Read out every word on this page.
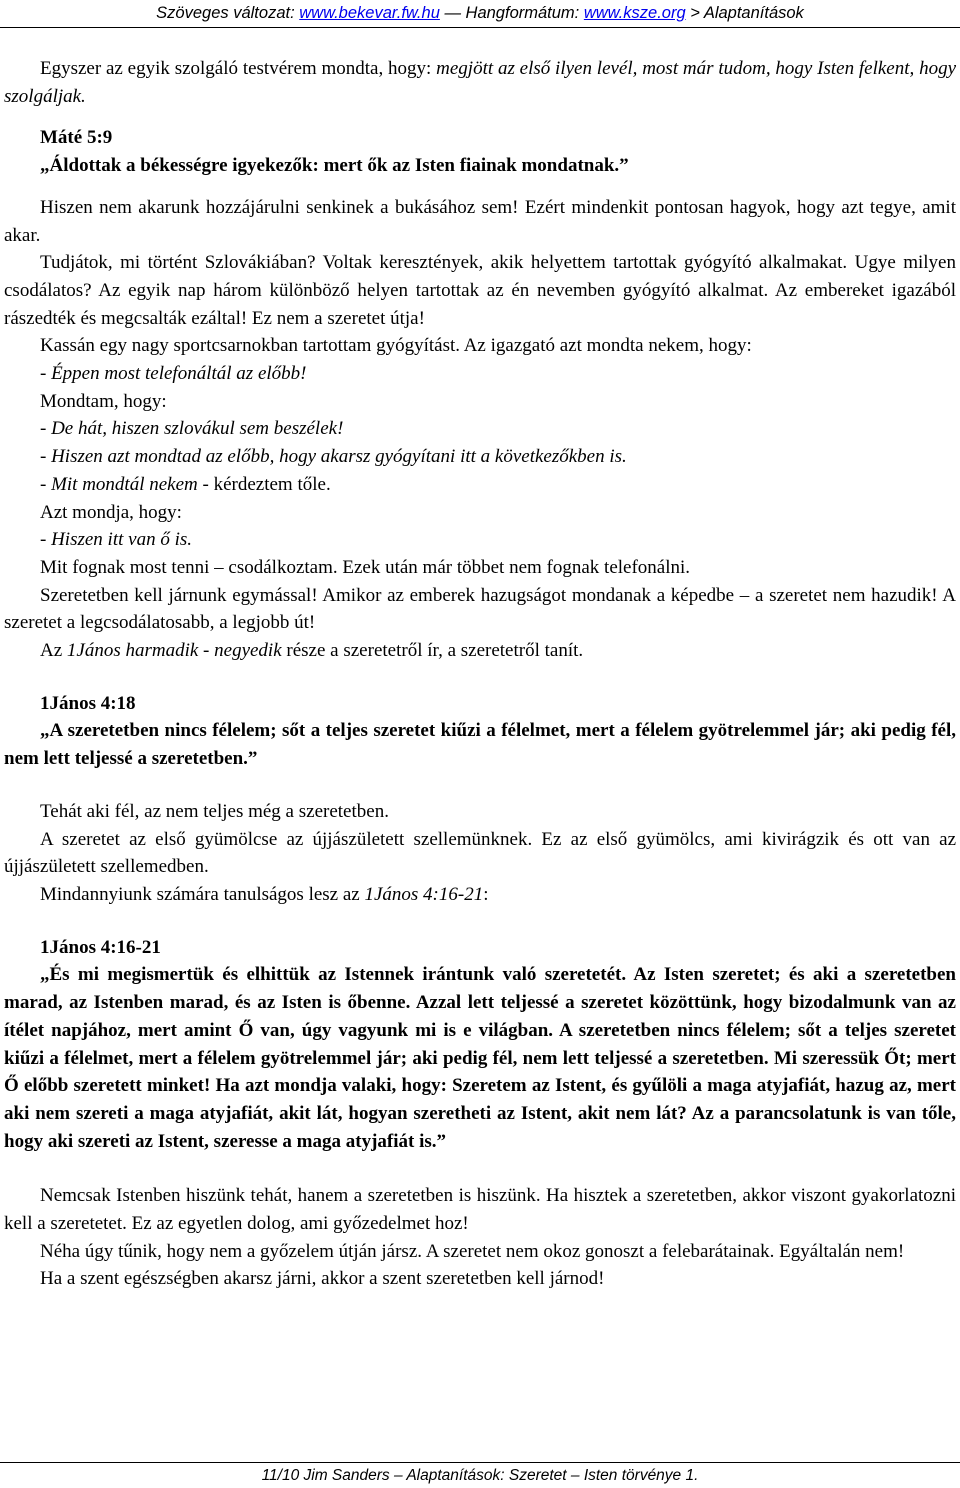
Szöveges változat: www.bekevar.fw.hu — Hangformátum: www.ksze.org > Alaptanítások

Egyszer az egyik szolgáló testvérem mondta, hogy: megjött az első ilyen levél, most már tudom, hogy Isten felkent, hogy szolgáljak.

Máté 5:9

„Áldottak a békességre igyekezők: mert ők az Isten fiainak mondatnak.”

Hiszen nem akarunk hozzájárulni senkinek a bukásához sem! Ezért mindenkit pontosan hagyok, hogy azt tegye, amit akar.

Tudjátok, mi történt Szlovákiában? Voltak keresztények, akik helyettem tartottak gyógyító alkalmakat. Ugye milyen csodálatos? Az egyik nap három különböző helyen tartottak az én nevemben gyógyító alkalmat. Az embereket igazából rászedték és megcsalták ezáltal! Ez nem a szeretet útja!

Kassán egy nagy sportcsarnokban tartottam gyógyítást. Az igazgató azt mondta nekem, hogy:

- Éppen most telefonáltál az előbb!

Mondtam, hogy:

- De hát, hiszen szlovákul sem beszélek!

- Hiszen azt mondtad az előbb, hogy akarsz gyógyítani itt a következőkben is.

- Mit mondtál nekem - kérdeztem tőle.

Azt mondja, hogy:

- Hiszen itt van ő is.

Mit fognak most tenni – csodálkoztam. Ezek után már többet nem fognak telefonálni.

Szeretetben kell járnunk egymással! Amikor az emberek hazugságot mondanak a képedbe – a szeretet nem hazudik! A szeretet a legcsodálatosabb, a legjobb út!

Az 1János harmadik - negyedik része a szeretetről ír, a szeretetről tanít.

1János 4:18

„A szeretetben nincs félelem; sőt a teljes szeretet kiűzi a félelmet, mert a félelem gyötrelemmel jár; aki pedig fél, nem lett teljessé a szeretetben.”

Tehát aki fél, az nem teljes még a szeretetben.

A szeretet az első gyümölcse az újjászületett szellemünknek. Ez az első gyümölcs, ami kivirágzik és ott van az újjászületett szellemedben.

Mindannyiunk számára tanulságos lesz az 1János 4:16-21:

1János 4:16-21

„És mi megismertük és elhittük az Istennek irántunk való szeretetét. Az Isten szeretet; és aki a szeretetben marad, az Istenben marad, és az Isten is őbenne. Azzal lett teljessé a szeretet közöttünk, hogy bizodalmunk van az ítélet napjához, mert amint Ő van, úgy vagyunk mi is e világban. A szeretetben nincs félelem; sőt a teljes szeretet kiűzi a félelmet, mert a félelem gyötrelemmel jár; aki pedig fél, nem lett teljessé a szeretetben. Mi szeressük Őt; mert Ő előbb szeretett minket! Ha azt mondja valaki, hogy: Szeretem az Istent, és gyűlöli a maga atyjafiát, hazug az, mert aki nem szereti a maga atyjafiát, akit lát, hogyan szeretheti az Istent, akit nem lát? Az a parancsolatunk is van tőle, hogy aki szereti az Istent, szeresse a maga atyjafiát is.”

Nemcsak Istenben hiszünk tehát, hanem a szeretetben is hiszünk. Ha hisztek a szeretetben, akkor viszont gyakorlatozni kell a szeretetet. Ez az egyetlen dolog, ami győzedelmet hoz!

Néha úgy tűnik, hogy nem a győzelem útján jársz. A szeretet nem okoz gonoszt a felebarátainak. Egyáltalán nem!

Ha a szent egészségben akarsz járni, akkor a szent szeretetben kell járnod!

11/10 Jim Sanders – Alaptanítások: Szeretet – Isten törvénye 1.
